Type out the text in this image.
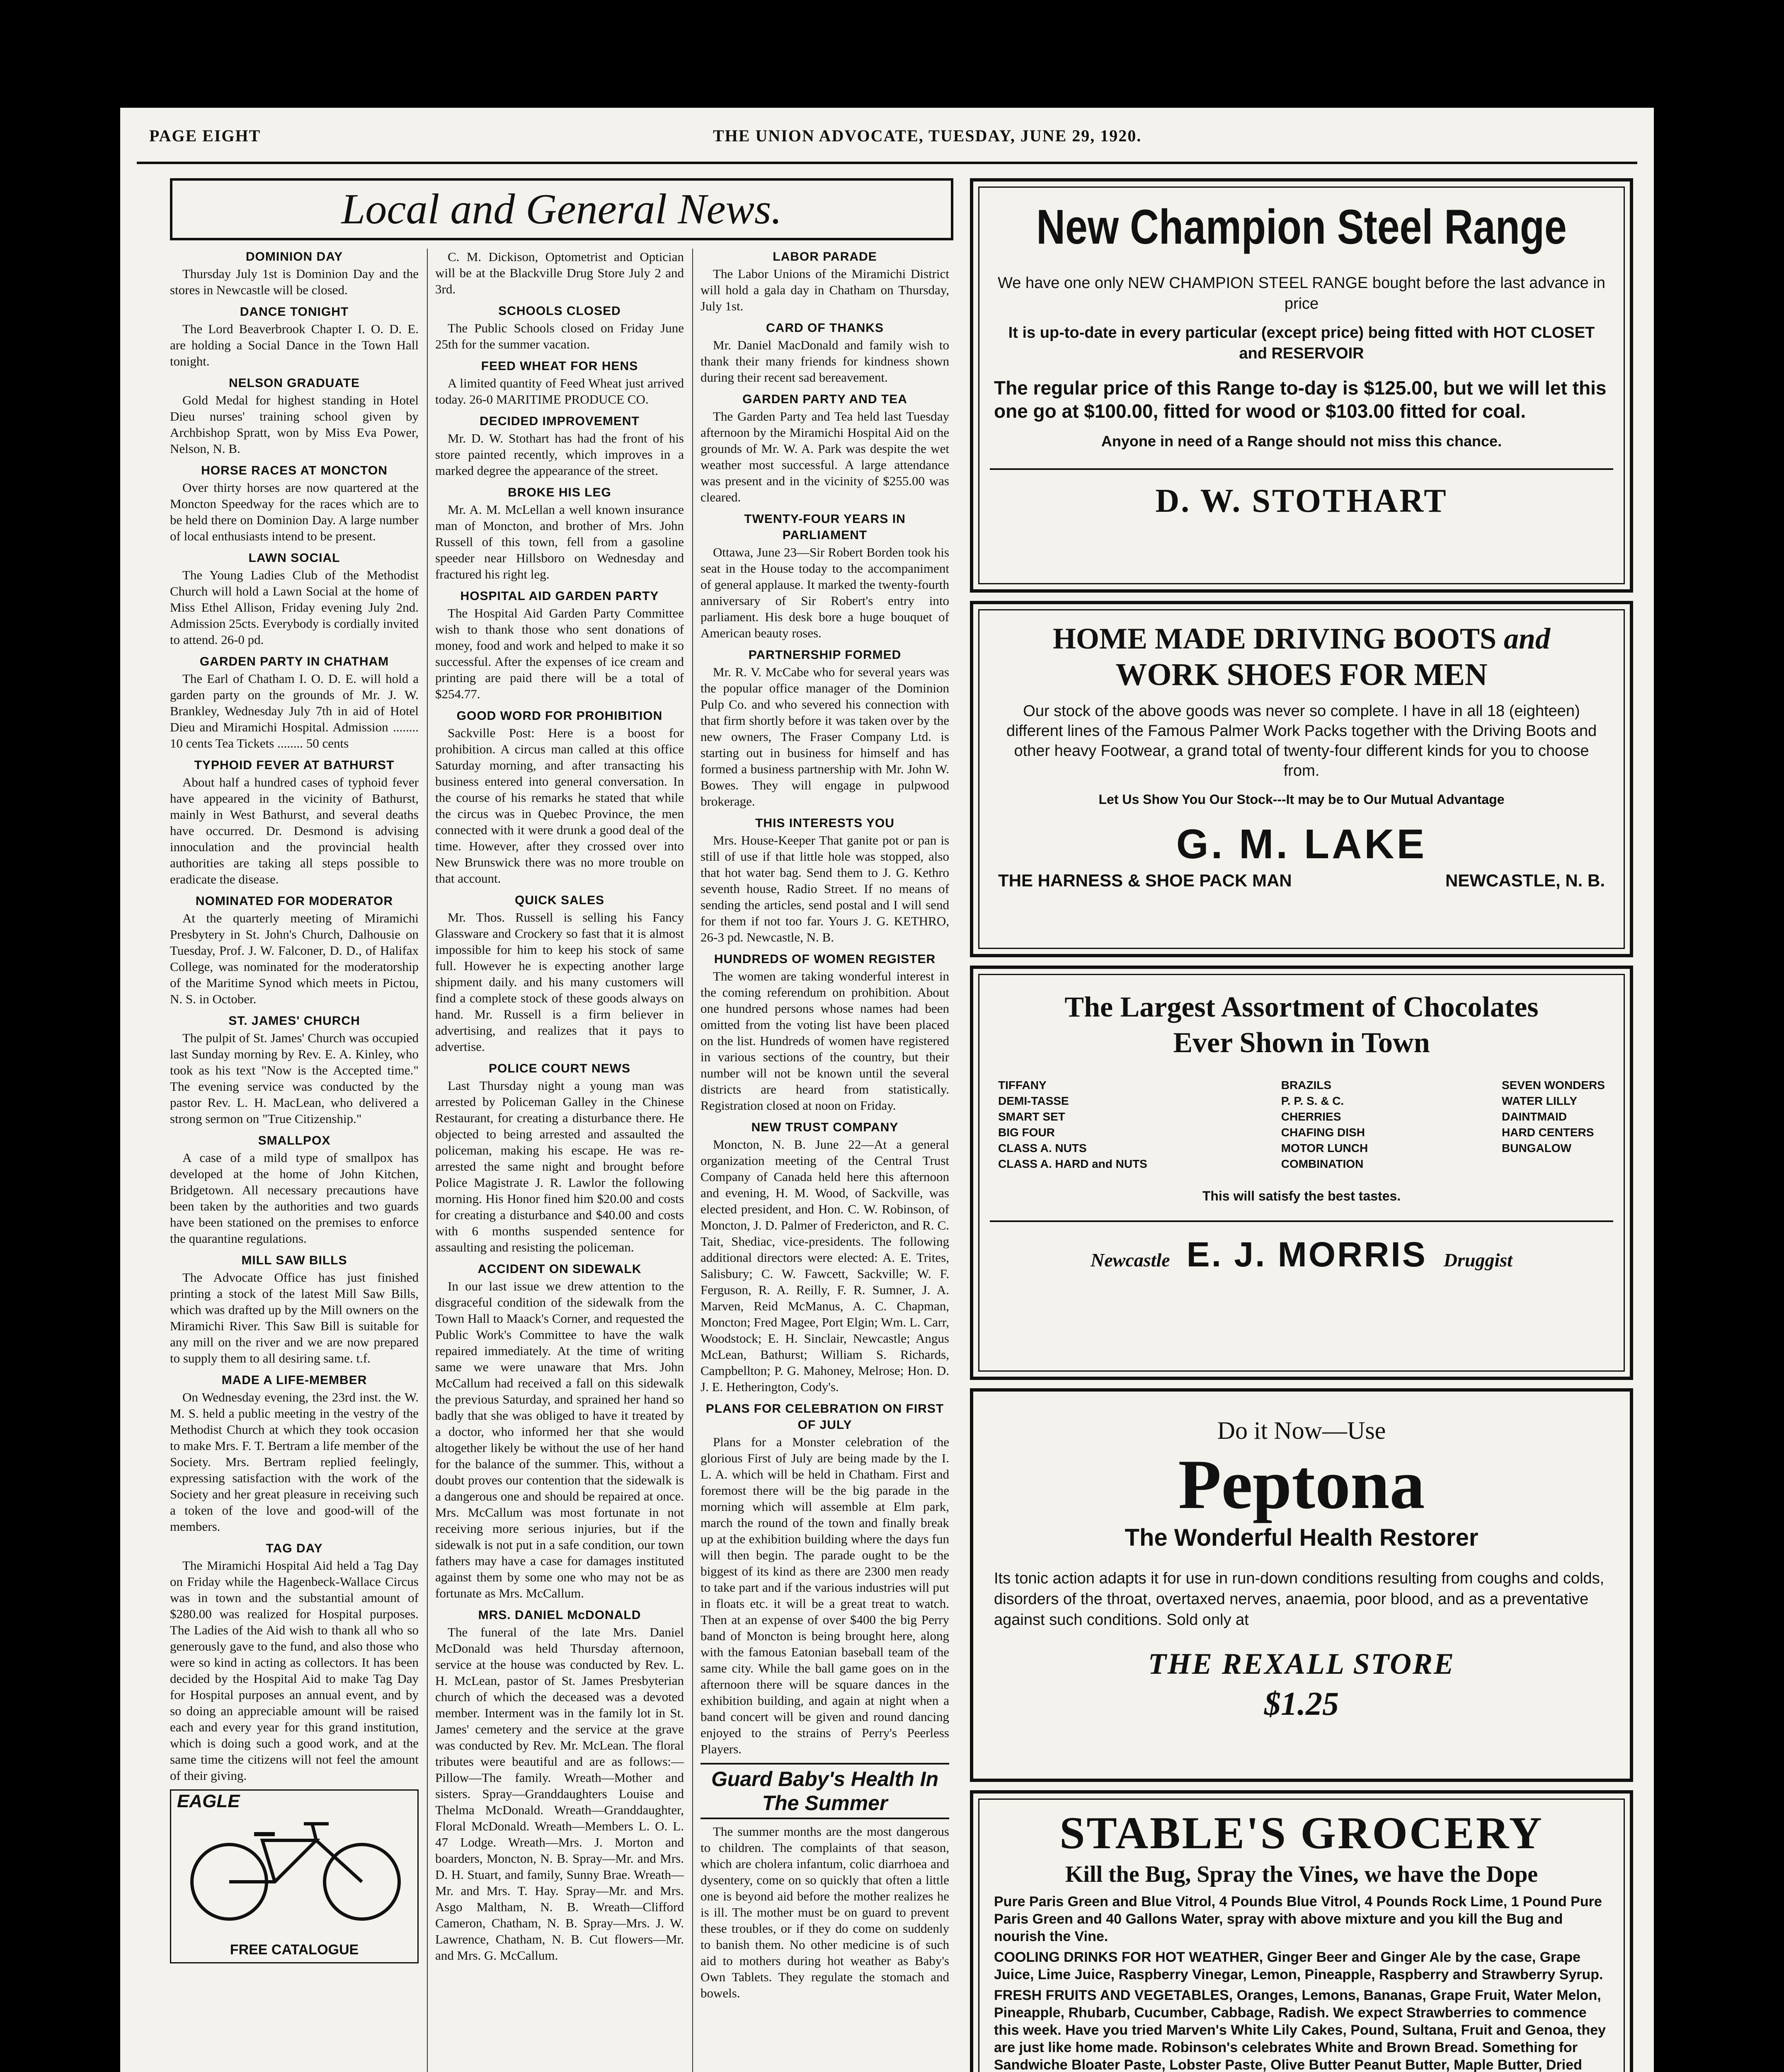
PAGE EIGHT	THE UNION ADVOCATE, TUESDAY, JUNE 29, 1920.
Local and General News.
DOMINION DAY

Thursday July 1st is Dominion Day and the stores in Newcastle will be closed.

DANCE TONIGHT

The Lord Beaverbrook Chapter I. O. D. E. are holding a Social Dance in the Town Hall tonight.

NELSON GRADUATE

Gold Medal for highest standing in Hotel Dieu nurses' training school given by Archbishop Spratt, won by Miss Eva Power, Nelson, N. B.

HORSE RACES AT MONCTON

Over thirty horses are now quartered at the Moncton Speedway for the races which are to be held there on Dominion Day. A large number of local enthusiasts intend to be present.

LAWN SOCIAL

The Young Ladies Club of the Methodist Church will hold a Lawn Social at the home of Miss Ethel Allison, Friday evening July 2nd. Admission 25cts. Everybody is cordially invited to attend. 26-0 pd.

GARDEN PARTY IN CHATHAM

The Earl of Chatham I. O. D. E. will hold a garden party on the grounds of Mr. J. W. Brankley, Wednesday July 7th in aid of Hotel Dieu and Miramichi Hospital. Admission ........ 10 cents Tea Tickets ........ 50 cents

TYPHOID FEVER AT BATHURST

About half a hundred cases of typhoid fever have appeared in the vicinity of Bathurst, mainly in West Bathurst, and several deaths have occurred. Dr. Desmond is advising innoculation and the provincial health authorities are taking all steps possible to eradicate the disease.

NOMINATED FOR MODERATOR

At the quarterly meeting of Miramichi Presbytery in St. John's Church, Dalhousie on Tuesday, Prof. J. W. Falconer, D. D., of Halifax College, was nominated for the moderatorship of the Maritime Synod which meets in Pictou, N. S. in October.

ST. JAMES' CHURCH

The pulpit of St. James' Church was occupied last Sunday morning by Rev. E. A. Kinley, who took as his text "Now is the Accepted time." The evening service was conducted by the pastor Rev. L. H. MacLean, who delivered a strong sermon on "True Citizenship."

SMALLPOX

A case of a mild type of smallpox has developed at the home of John Kitchen, Bridgetown. All necessary precautions have been taken by the authorities and two guards have been stationed on the premises to enforce the quarantine regulations.

MILL SAW BILLS

The Advocate Office has just finished printing a stock of the latest Mill Saw Bills, which was drafted up by the Mill owners on the Miramichi River. This Saw Bill is suitable for any mill on the river and we are now prepared to supply them to all desiring same. t.f.

MADE A LIFE-MEMBER

On Wednesday evening, the 23rd inst. the W. M. S. held a public meeting in the vestry of the Methodist Church at which they took occasion to make Mrs. F. T. Bertram a life member of the Society. Mrs. Bertram replied feelingly, expressing satisfaction with the work of the Society and her great pleasure in receiving such a token of the love and good-will of the members.

TAG DAY

The Miramichi Hospital Aid held a Tag Day on Friday while the Hagenbeck-Wallace Circus was in town and the substantial amount of $280.00 was realized for Hospital purposes. The Ladies of the Aid wish to thank all who so generously gave to the fund, and also those who were so kind in acting as collectors. It has been decided by the Hospital Aid to make Tag Day for Hospital purposes an annual event, and by so doing an appreciable amount will be raised each and every year for this grand institution, which is doing such a good work, and at the same time the citizens will not feel the amount of their giving.

EAGLE
FREE CATALOGUE

C. M. Dickison, Optometrist and Optician will be at the Blackville Drug Store July 2 and 3rd.

SCHOOLS CLOSED

The Public Schools closed on Friday June 25th for the summer vacation.

FEED WHEAT FOR HENS

A limited quantity of Feed Wheat just arrived today. 26-0 MARITIME PRODUCE CO.

DECIDED IMPROVEMENT

Mr. D. W. Stothart has had the front of his store painted recently, which improves in a marked degree the appearance of the street.

BROKE HIS LEG

Mr. A. M. McLellan a well known insurance man of Moncton, and brother of Mrs. John Russell of this town, fell from a gasoline speeder near Hillsboro on Wednesday and fractured his right leg.

HOSPITAL AID GARDEN PARTY

The Hospital Aid Garden Party Committee wish to thank those who sent donations of money, food and work and helped to make it so successful. After the expenses of ice cream and printing are paid there will be a total of $254.77.

GOOD WORD FOR PROHIBITION

Sackville Post: Here is a boost for prohibition. A circus man called at this office Saturday morning, and after transacting his business entered into general conversation. In the course of his remarks he stated that while the circus was in Quebec Province, the men connected with it were drunk a good deal of the time. However, after they crossed over into New Brunswick there was no more trouble on that account.

QUICK SALES

Mr. Thos. Russell is selling his Fancy Glassware and Crockery so fast that it is almost impossible for him to keep his stock of same full. However he is expecting another large shipment daily. and his many customers will find a complete stock of these goods always on hand. Mr. Russell is a firm believer in advertising, and realizes that it pays to advertise.

POLICE COURT NEWS

Last Thursday night a young man was arrested by Policeman Galley in the Chinese Restaurant, for creating a disturbance there. He objected to being arrested and assaulted the policeman, making his escape. He was re-arrested the same night and brought before Police Magistrate J. R. Lawlor the following morning. His Honor fined him $20.00 and costs for creating a disturbance and $40.00 and costs with 6 months suspended sentence for assaulting and resisting the policeman.

ACCIDENT ON SIDEWALK

In our last issue we drew attention to the disgraceful condition of the sidewalk from the Town Hall to Maack's Corner, and requested the Public Work's Committee to have the walk repaired immediately. At the time of writing same we were unaware that Mrs. John McCallum had received a fall on this sidewalk the previous Saturday, and sprained her hand so badly that she was obliged to have it treated by a doctor, who informed her that she would altogether likely be without the use of her hand for the balance of the summer. This, without a doubt proves our contention that the sidewalk is a dangerous one and should be repaired at once. Mrs. McCallum was most fortunate in not receiving more serious injuries, but if the sidewalk is not put in a safe condition, our town fathers may have a case for damages instituted against them by some one who may not be as fortunate as Mrs. McCallum.

MRS. DANIEL McDONALD

The funeral of the late Mrs. Daniel McDonald was held Thursday afternoon, service at the house was conducted by Rev. L. H. McLean, pastor of St. James Presbyterian church of which the deceased was a devoted member. Interment was in the family lot in St. James' cemetery and the service at the grave was conducted by Rev. Mr. McLean. The floral tributes were beautiful and are as follows:— Pillow—The family. Wreath—Mother and sisters. Spray—Granddaughters Louise and Thelma McDonald. Wreath—Granddaughter, Floral McDonald. Wreath—Members L. O. L. 47 Lodge. Wreath—Mrs. J. Morton and boarders, Moncton, N. B. Spray—Mr. and Mrs. D. H. Stuart, and family, Sunny Brae. Wreath—Mr. and Mrs. T. Hay. Spray—Mr. and Mrs. Asgo Maltham, N. B. Wreath—Clifford Cameron, Chatham, N. B. Spray—Mrs. J. W. Lawrence, Chatham, N. B. Cut flowers—Mr. and Mrs. G. McCallum.

LABOR PARADE

The Labor Unions of the Miramichi District will hold a gala day in Chatham on Thursday, July 1st.

CARD OF THANKS

Mr. Daniel MacDonald and family wish to thank their many friends for kindness shown during their recent sad bereavement.

GARDEN PARTY AND TEA

The Garden Party and Tea held last Tuesday afternoon by the Miramichi Hospital Aid on the grounds of Mr. W. A. Park was despite the wet weather most successful. A large attendance was present and in the vicinity of $255.00 was cleared.

TWENTY-FOUR YEARS IN PARLIAMENT

Ottawa, June 23—Sir Robert Borden took his seat in the House today to the accompaniment of general applause. It marked the twenty-fourth anniversary of Sir Robert's entry into parliament. His desk bore a huge bouquet of American beauty roses.

PARTNERSHIP FORMED

Mr. R. V. McCabe who for several years was the popular office manager of the Dominion Pulp Co. and who severed his connection with that firm shortly before it was taken over by the new owners, The Fraser Company Ltd. is starting out in business for himself and has formed a business partnership with Mr. John W. Bowes. They will engage in pulpwood brokerage.

THIS INTERESTS YOU

Mrs. House-Keeper That ganite pot or pan is still of use if that little hole was stopped, also that hot water bag. Send them to J. G. Kethro seventh house, Radio Street. If no means of sending the articles, send postal and I will send for them if not too far. Yours J. G. KETHRO, 26-3 pd. Newcastle, N. B.

HUNDREDS OF WOMEN REGISTER

The women are taking wonderful interest in the coming referendum on prohibition. About one hundred persons whose names had been omitted from the voting list have been placed on the list. Hundreds of women have registered in various sections of the country, but their number will not be known until the several districts are heard from statistically. Registration closed at noon on Friday.

NEW TRUST COMPANY

Moncton, N. B. June 22—At a general organization meeting of the Central Trust Company of Canada held here this afternoon and evening, H. M. Wood, of Sackville, was elected president, and Hon. C. W. Robinson, of Moncton, J. D. Palmer of Fredericton, and R. C. Tait, Shediac, vice-presidents. The following additional directors were elected: A. E. Trites, Salisbury; C. W. Fawcett, Sackville; W. F. Ferguson, R. A. Reilly, F. R. Sumner, J. A. Marven, Reid McManus, A. C. Chapman, Moncton; Fred Magee, Port Elgin; Wm. L. Carr, Woodstock; E. H. Sinclair, Newcastle; Angus McLean, Bathurst; William S. Richards, Campbellton; P. G. Mahoney, Melrose; Hon. D. J. E. Hetherington, Cody's.

PLANS FOR CELEBRATION ON FIRST OF JULY

Plans for a Monster celebration of the glorious First of July are being made by the I. L. A. which will be held in Chatham. First and foremost there will be the big parade in the morning which will assemble at Elm park, march the round of the town and finally break up at the exhibition building where the days fun will then begin. The parade ought to be the biggest of its kind as there are 2300 men ready to take part and if the various industries will put in floats etc. it will be a great treat to watch. Then at an expense of over $400 the big Perry band of Moncton is being brought here, along with the famous Eatonian baseball team of the same city. While the ball game goes on in the afternoon there will be square dances in the exhibition building, and again at night when a band concert will be given and round dancing enjoyed to the strains of Perry's Peerless Players.

Guard Baby's Health In The Summer

The summer months are the most dangerous to children. The complaints of that season, which are cholera infantum, colic diarrhoea and dysentery, come on so quickly that often a little one is beyond aid before the mother realizes he is ill. The mother must be on guard to prevent these troubles, or if they do come on suddenly to banish them. No other medicine is of such aid to mothers during hot weather as Baby's Own Tablets. They regulate the stomach and bowels.

New Champion Steel Range
We have one only NEW CHAMPION STEEL RANGE bought before the last advance in price
It is up-to-date in every particular (except price) being fitted with HOT CLOSET and RESERVOIR
The regular price of this Range to-day is $125.00, but we will let this one go at $100.00, fitted for wood or $103.00 fitted for coal.
Anyone in need of a Range should not miss this chance.
D. W. STOTHART
HOME MADE DRIVING BOOTS and
WORK SHOES FOR MEN
Our stock of the above goods was never so complete. I have in all 18 (eighteen) different lines of the Famous Palmer Work Packs together with the Driving Boots and other heavy Footwear, a grand total of twenty-four different kinds for you to choose from.
Let Us Show You Our Stock---It may be to Our Mutual Advantage
G. M. LAKE
THE HARNESS & SHOE PACK MAN	NEWCASTLE, N. B.
The Largest Assortment of Chocolates Ever Shown in Town
TIFFANY
DEMI-TASSE
SMART SET
BIG FOUR
CLASS A. NUTS
CLASS A. HARD and NUTS
BRAZILS
P. P. S. & C.
CHERRIES
CHAFING DISH
MOTOR LUNCH
COMBINATION
SEVEN WONDERS
WATER LILLY
DAINTMAID
HARD CENTERS
BUNGALOW
This will satisfy the best tastes.
Newcastle E. J. MORRIS Druggist
Do it Now—Use
Peptona
The Wonderful Health Restorer
Its tonic action adapts it for use in run-down conditions resulting from coughs and colds, disorders of the throat, overtaxed nerves, anaemia, poor blood, and as a preventative against such conditions. Sold only at
THE REXALL STORE
$1.25
STABLE'S GROCERY
Kill the Bug, Spray the Vines, we have the Dope
Pure Paris Green and Blue Vitrol, 4 Pounds Blue Vitrol, 4 Pounds Rock Lime, 1 Pound Pure Paris Green and 40 Gallons Water, spray with above mixture and you kill the Bug and nourish the Vine.
COOLING DRINKS FOR HOT WEATHER, Ginger Beer and Ginger Ale by the case, Grape Juice, Lime Juice, Raspberry Vinegar, Lemon, Pineapple, Raspberry and Strawberry Syrup.
FRESH FRUITS AND VEGETABLES, Oranges, Lemons, Bananas, Grape Fruit, Water Melon, Pineapple, Rhubarb, Cucumber, Cabbage, Radish. We expect Strawberries to commence this week. Have you tried Marven's White Lily Cakes, Pound, Sultana, Fruit and Genoa, they are just like home made. Robinson's celebrates White and Brown Bread. Something for Sandwiche Bloater Paste, Lobster Paste, Olive Butter Peanut Butter, Maple Butter, Dried
